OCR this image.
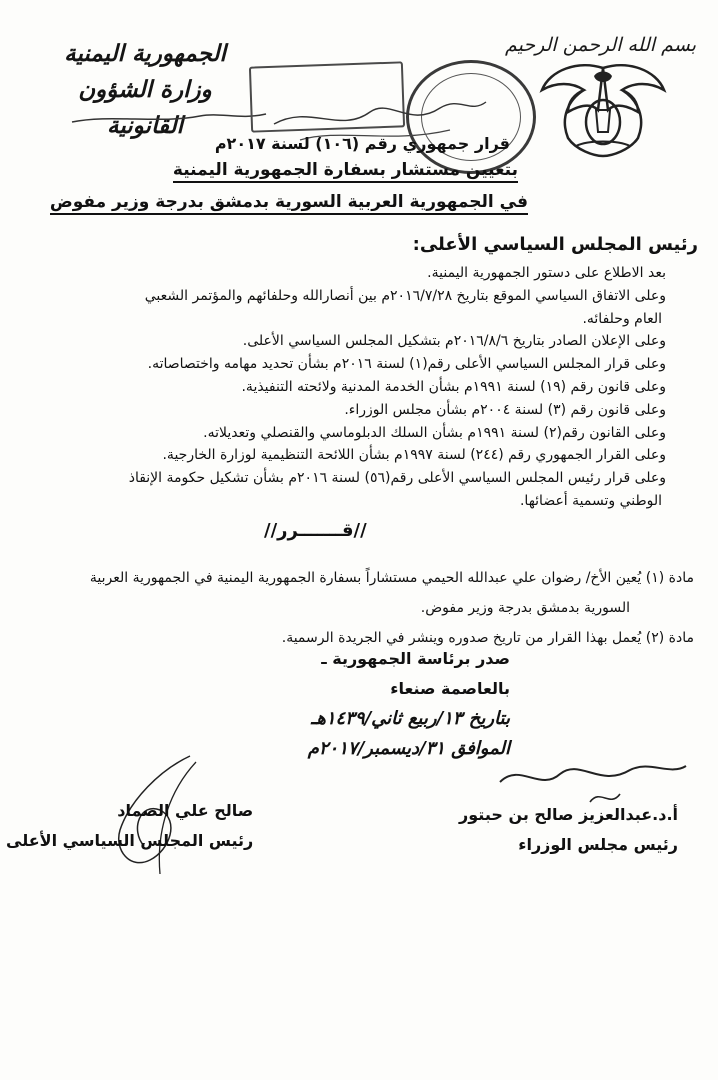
بسم الله الرحمن الرحيم
الجمهورية اليمنية
وزارة الشؤون القانونية
قرار جمهوري رقم (١٠٦) لسنة ٢٠١٧م
بتعيين مستشار بسفارة الجمهورية اليمنية
في الجمهورية العربية السورية بدمشق بدرجة وزير مفوض
رئيس المجلس السياسي الأعلى:

بعد الاطلاع على دستور الجمهورية اليمنية.

وعلى الاتفاق السياسي الموقع بتاريخ ٢٠١٦/٧/٢٨م بين أنصارالله وحلفائهم والمؤتمر الشعبي

العام وحلفائه.

وعلى الإعلان الصادر بتاريخ ٢٠١٦/٨/٦م بتشكيل المجلس السياسي الأعلى.

وعلى قرار المجلس السياسي الأعلى رقم(١) لسنة ٢٠١٦م بشأن تحديد مهامه واختصاصاته.

وعلى قانون رقم (١٩) لسنة ١٩٩١م بشأن الخدمة المدنية ولائحته التنفيذية.

وعلى قانون رقم (٣) لسنة ٢٠٠٤م بشأن مجلس الوزراء.

وعلى القانون رقم(٢) لسنة ١٩٩١م بشأن السلك الدبلوماسي والقنصلي وتعديلاته.

وعلى القرار الجمهوري رقم (٢٤٤) لسنة ١٩٩٧م بشأن اللائحة التنظيمية لوزارة الخارجية.

وعلى قرار رئيس المجلس السياسي الأعلى رقم(٥٦) لسنة ٢٠١٦م بشأن تشكيل حكومة الإنقاذ

الوطني وتسمية أعضائها.

//قـــــــرر//

مادة (١) يُعين الأخ/ رضوان علي عبدالله الحيمي مستشاراً بسفارة الجمهورية اليمنية في الجمهورية العربية

السورية بدمشق بدرجة وزير مفوض.

مادة (٢) يُعمل بهذا القرار من تاريخ صدوره وينشر في الجريدة الرسمية.

صدر برئاسة الجمهورية ـ بالعاصمة صنعاء
بتاريخ ١٣/ربيع ثاني/١٤٣٩هـ
الموافق ٣١/ديسمبر/٢٠١٧م
أ.د.عبدالعزيز صالح بن حبتور
رئيس مجلس الوزراء
صالح علي الصماد
رئيس المجلس السياسي الأعلى
